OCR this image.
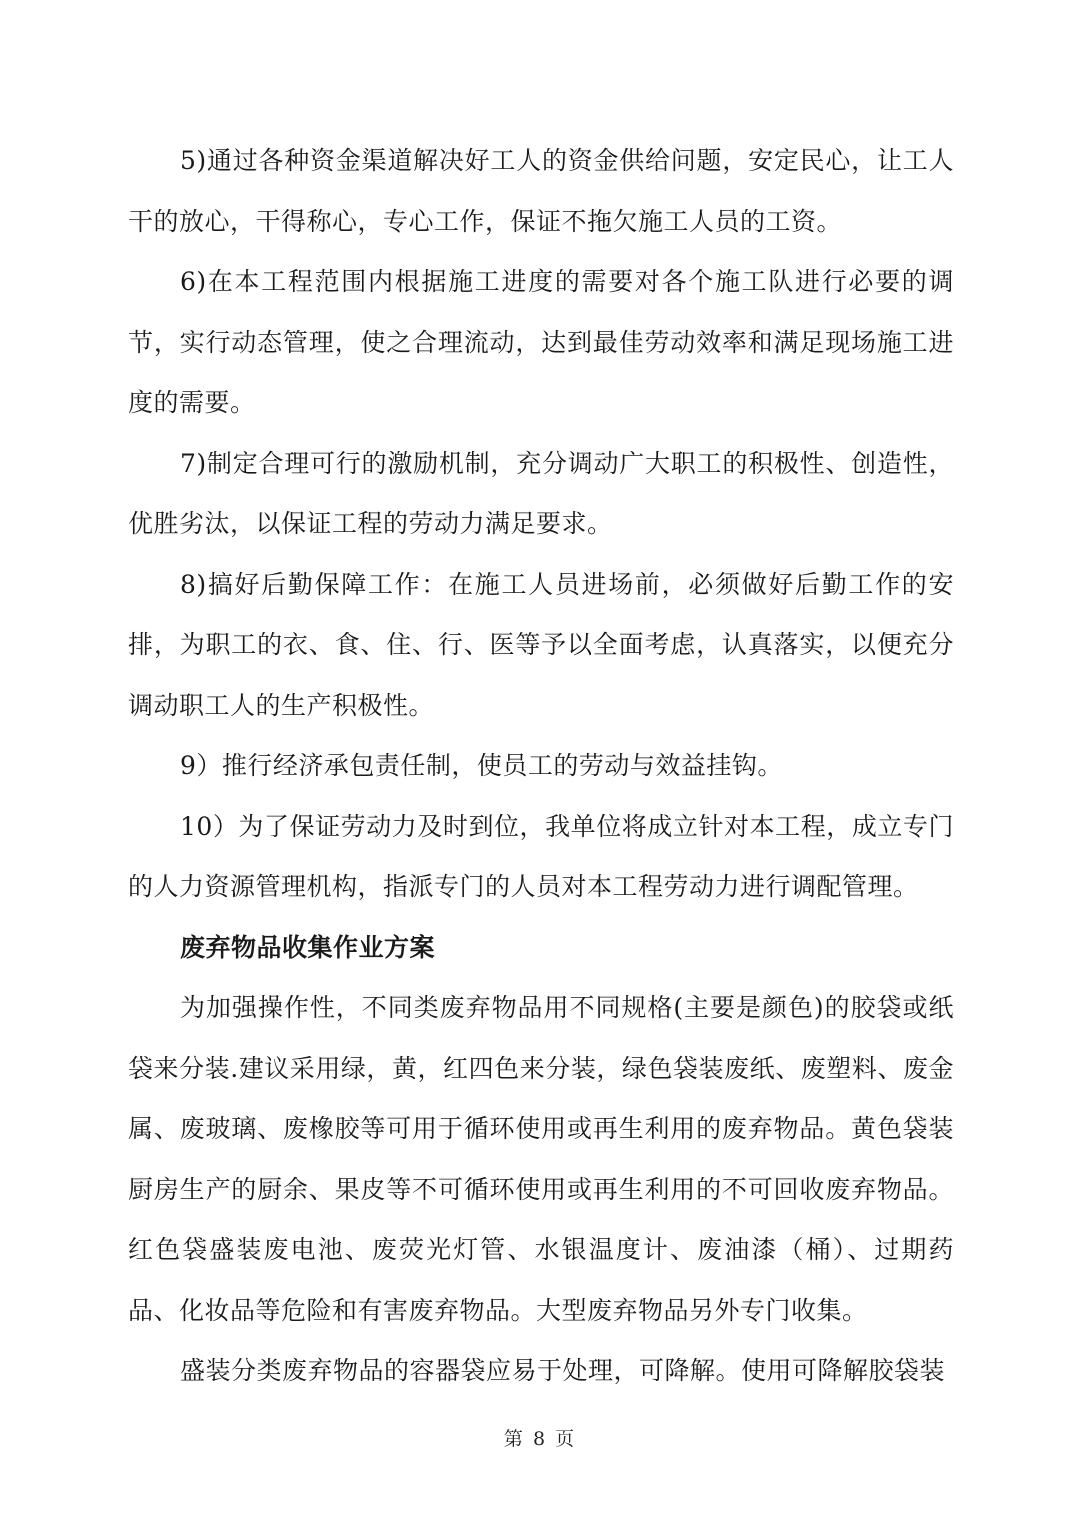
5)通过各种资金渠道解决好工人的资金供给问题，安定民心，让工人干的放心，干得称心，专心工作，保证不拖欠施工人员的工资。

6)在本工程范围内根据施工进度的需要对各个施工队进行必要的调节，实行动态管理，使之合理流动，达到最佳劳动效率和满足现场施工进度的需要。

7)制定合理可行的激励机制，充分调动广大职工的积极性、创造性，优胜劣汰，以保证工程的劳动力满足要求。

8)搞好后勤保障工作：在施工人员进场前，必须做好后勤工作的安排，为职工的衣、食、住、行、医等予以全面考虑，认真落实，以便充分调动职工人的生产积极性。

9）推行经济承包责任制，使员工的劳动与效益挂钩。

10）为了保证劳动力及时到位，我单位将成立针对本工程，成立专门的人力资源管理机构，指派专门的人员对本工程劳动力进行调配管理。

废弃物品收集作业方案

为加强操作性，不同类废弃物品用不同规格(主要是颜色)的胶袋或纸袋来分装.建议采用绿，黄，红四色来分装，绿色袋装废纸、废塑料、废金属、废玻璃、废橡胶等可用于循环使用或再生利用的废弃物品。黄色袋装厨房生产的厨余、果皮等不可循环使用或再生利用的不可回收废弃物品。红色袋盛装废电池、废荧光灯管、水银温度计、废油漆（桶）、过期药品、化妆品等危险和有害废弃物品。大型废弃物品另外专门收集。

盛装分类废弃物品的容器袋应易于处理，可降解。使用可降解胶袋装

第 8 页
